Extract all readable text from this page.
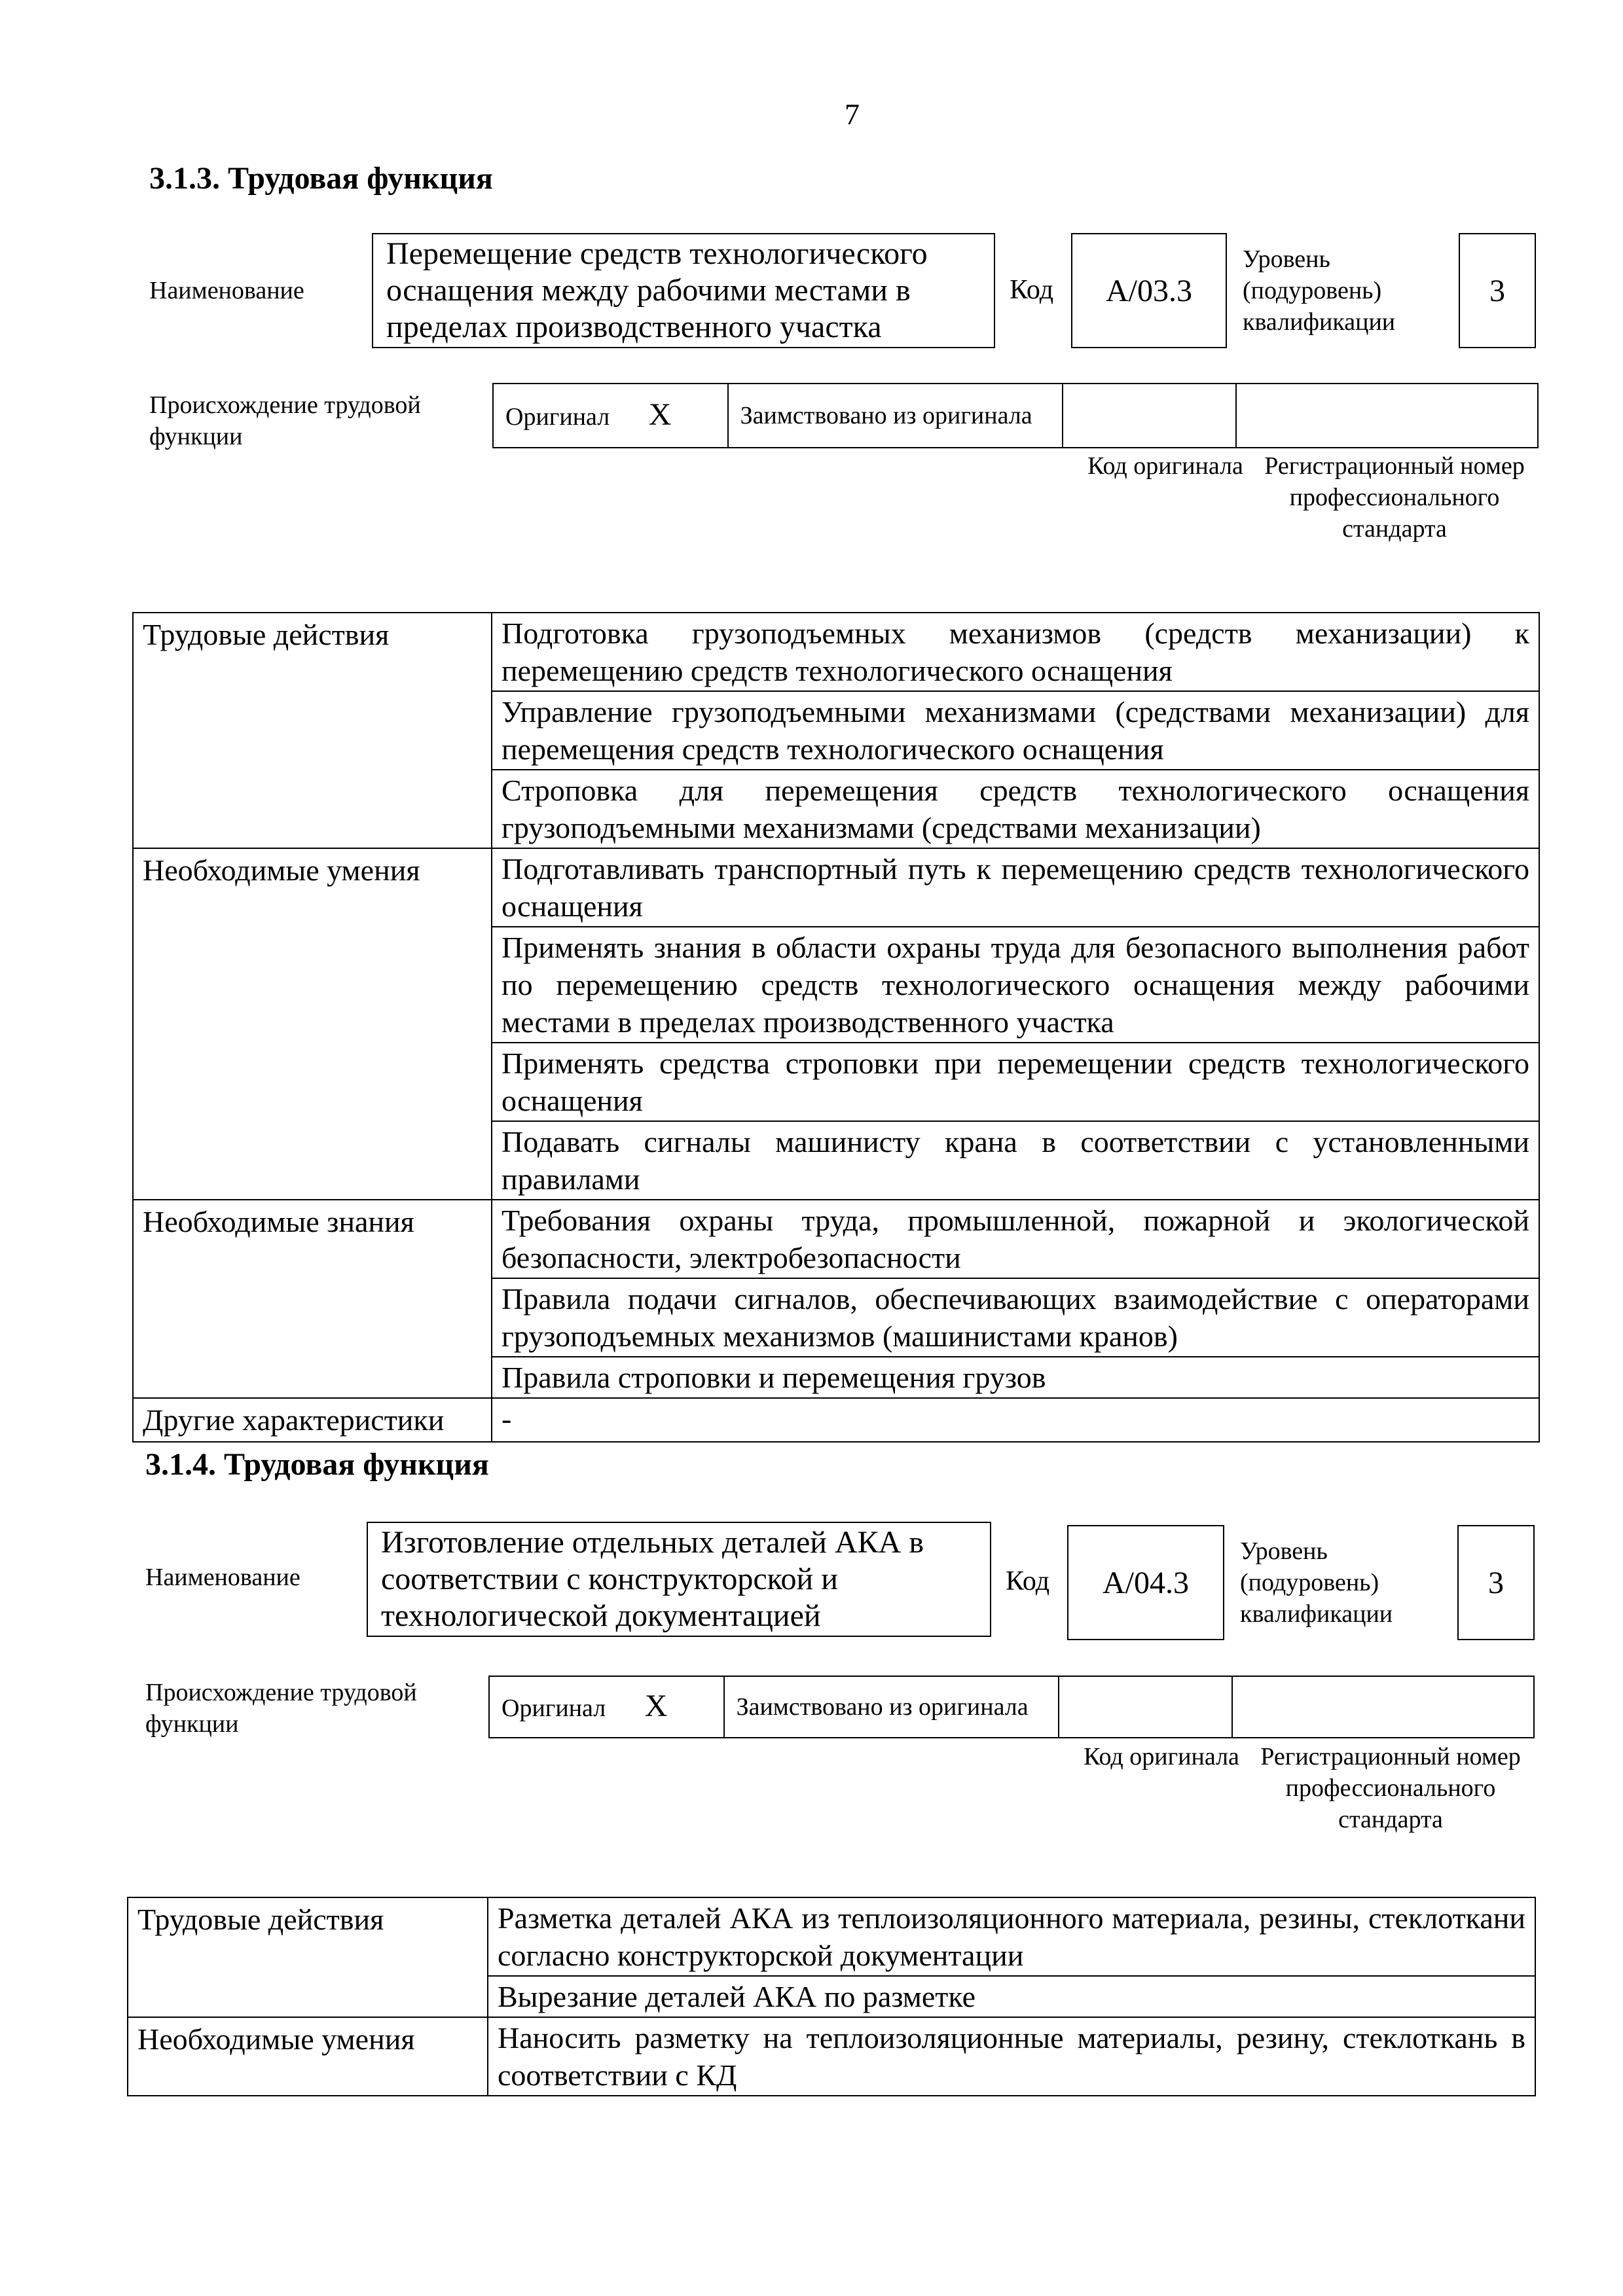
7
3.1.3. Трудовая функция
Наименование
Перемещение средств технологического оснащения между рабочими местами в пределах производственного участка
Код A/03.3
Уровень (подуровень) квалификации
3
Происхождение трудовой функции
Оригинал X	Заимствовано из оригинала		
Код оригинала Регистрационный номер профессионального стандарта
Трудовые действия	Подготовка грузоподъемных механизмов (средств механизации) к перемещению средств технологического оснащения
	Управление грузоподъемными механизмами (средствами механизации) для перемещения средств технологического оснащения
	Строповка для перемещения средств технологического оснащения грузоподъемными механизмами (средствами механизации)
Необходимые умения	Подготавливать транспортный путь к перемещению средств технологического оснащения
	Применять знания в области охраны труда для безопасного выполнения работ по перемещению средств технологического оснащения между рабочими местами в пределах производственного участка
	Применять средства строповки при перемещении средств технологического оснащения
	Подавать сигналы машинисту крана в соответствии с установленными правилами
Необходимые знания	Требования охраны труда, промышленной, пожарной и экологической безопасности, электробезопасности
	Правила подачи сигналов, обеспечивающих взаимодействие с операторами грузоподъемных механизмов (машинистами кранов)
	Правила строповки и перемещения грузов
Другие характеристики	-
3.1.4. Трудовая функция
Наименование
Изготовление отдельных деталей АКА в соответствии с конструкторской и технологической документацией
Код A/04.3
Уровень (подуровень) квалификации
3
Происхождение трудовой функции
Оригинал X	Заимствовано из оригинала		
Код оригинала Регистрационный номер профессионального стандарта
Трудовые действия	Разметка деталей АКА из теплоизоляционного материала, резины, стеклоткани согласно конструкторской документации
	Вырезание деталей АКА по разметке
Необходимые умения	Наносить разметку на теплоизоляционные материалы, резину, стеклоткань в соответствии с КД
